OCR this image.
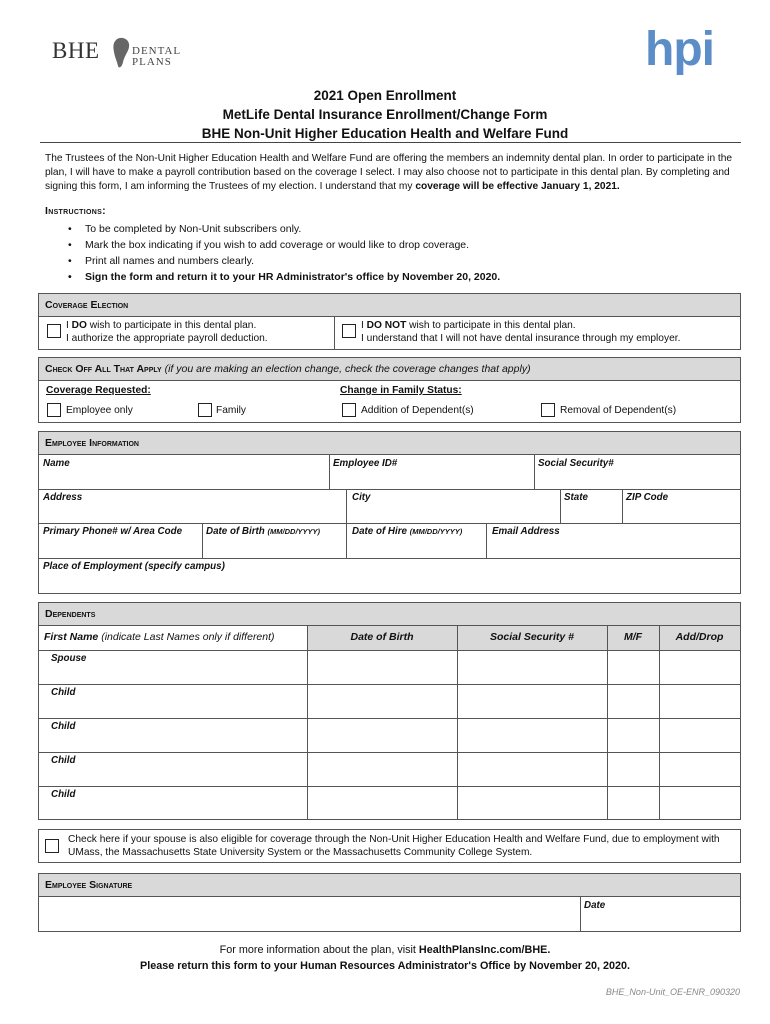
BHE	DENTAL
PLANS	hpi
2021 Open Enrollment
MetLife Dental Insurance Enrollment/Change Form
BHE Non-Unit Higher Education Health and Welfare Fund
The Trustees of the Non-Unit Higher Education Health and Welfare Fund are offering the members an indemnity dental plan. In order to participate in the plan, I will have to make a payroll contribution based on the coverage I select. I may also choose not to participate in this dental plan. By completing and signing this form, I am informing the Trustees of my election. I understand that my coverage will be effective January 1, 2021.
Instructions:
• To be completed by Non-Unit subscribers only.
• Mark the box indicating if you wish to add coverage or would like to drop coverage.
• Print all names and numbers clearly.
• Sign the form and return it to your HR Administrator's office by November 20, 2020.
Coverage Election
I DO wish to participate in this dental plan.
I authorize the appropriate payroll deduction.
I DO NOT wish to participate in this dental plan.
I understand that I will not have dental insurance through my employer.
Check Off All That Apply (if you are making an election change, check the coverage changes that apply)
Coverage Requested:	Change in Family Status:
Employee only	Family	Addition of Dependent(s)	Removal of Dependent(s)
Employee Information
Name	Employee ID#	Social Security#
Address	City	State	ZIP Code
Primary Phone# w/ Area Code	Date of Birth (MM/DD/YYYY)	Date of Hire (MM/DD/YYYY)	Email Address
Place of Employment (specify campus)
Dependents
First Name (indicate Last Names only if different)	Date of Birth	Social Security #	M/F	Add/Drop
Spouse
Child
Child
Child
Child
Check here if your spouse is also eligible for coverage through the Non-Unit Higher Education Health and Welfare Fund, due to employment with UMass, the Massachusetts State University System or the Massachusetts Community College System.
Employee Signature
Date
For more information about the plan, visit HealthPlansInc.com/BHE.
Please return this form to your Human Resources Administrator's Office by November 20, 2020.
BHE_Non-Unit_OE-ENR_090320
